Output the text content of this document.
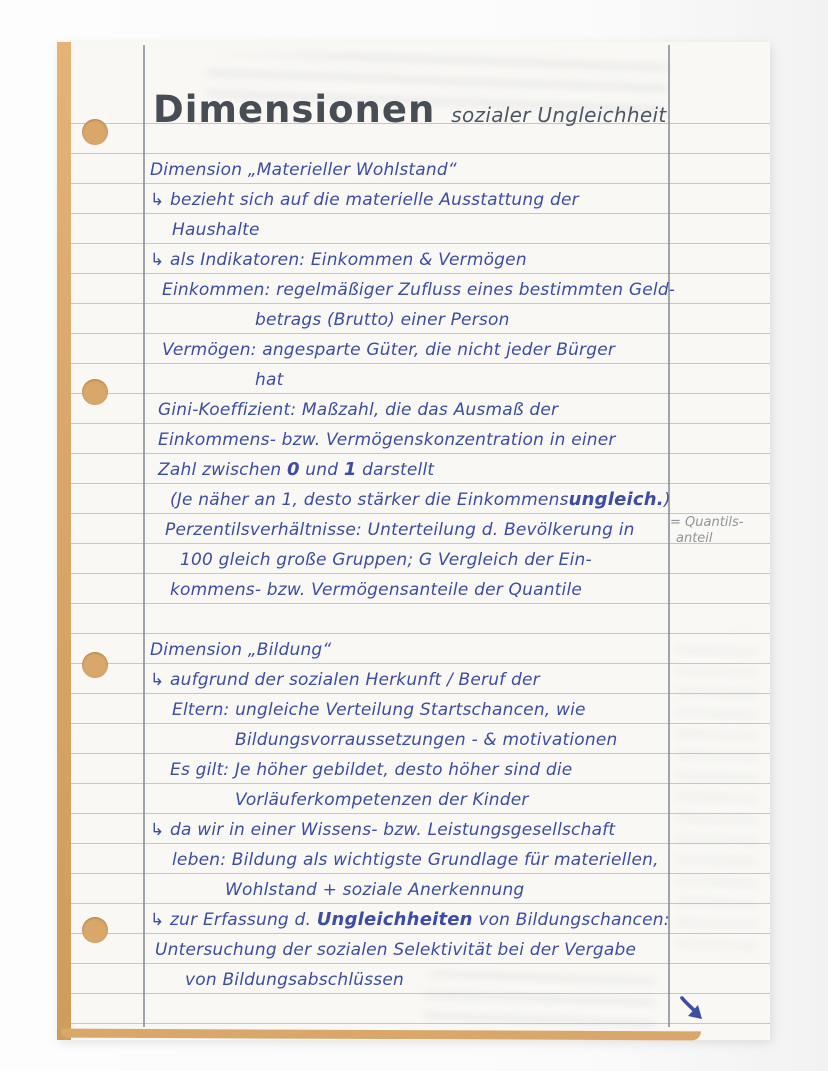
Dimensionen sozialer Ungleichheit
Dimension „Materieller Wohlstand“
↳ bezieht sich auf die materielle Ausstattung der
Haushalte
↳ als Indikatoren: Einkommen & Vermögen
Einkommen: regelmäßiger Zufluss eines bestimmten Geld-
betrags (Brutto) einer Person
Vermögen: angesparte Güter, die nicht jeder Bürger
hat
Gini-Koeffizient: Maßzahl, die das Ausmaß der
Einkommens- bzw. Vermögenskonzentration in einer
Zahl zwischen 0 und 1 darstellt
(Je näher an 1, desto stärker die Einkommensungleich.)
Perzentilsverhältnisse: Unterteilung d. Bevölkerung in
100 gleich große Gruppen; G Vergleich der Ein-
kommens- bzw. Vermögensanteile der Quantile
Dimension „Bildung“
↳ aufgrund der sozialen Herkunft / Beruf der
Eltern: ungleiche Verteilung Startschancen, wie
Bildungsvorraussetzungen - & motivationen
Es gilt: Je höher gebildet, desto höher sind die
Vorläuferkompetenzen der Kinder
↳ da wir in einer Wissens- bzw. Leistungsgesellschaft
leben: Bildung als wichtigste Grundlage für materiellen,
Wohlstand + soziale Anerkennung
↳ zur Erfassung d. Ungleichheiten von Bildungschancen:
Untersuchung der sozialen Selektivität bei der Vergabe
von Bildungsabschlüssen
= Quantils-
anteil
